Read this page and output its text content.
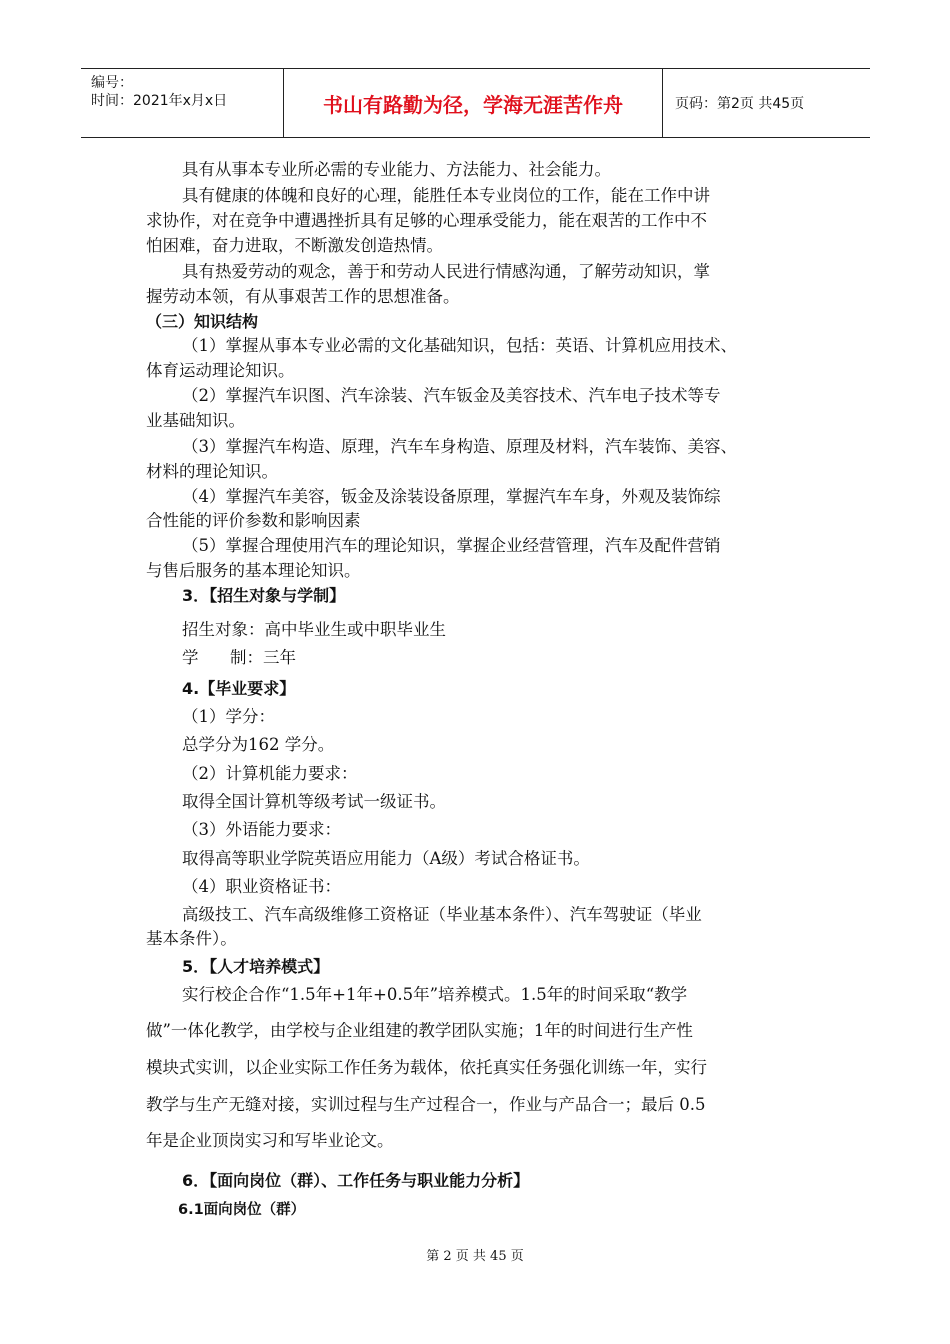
编号：
时间：2021年x月x日	书山有路勤为径，学海无涯苦作舟	页码：第2页 共45页
具有从事本专业所必需的专业能力、方法能力、社会能力。
具有健康的体魄和良好的心理，能胜任本专业岗位的工作，能在工作中讲
求协作，对在竞争中遭遇挫折具有足够的心理承受能力，能在艰苦的工作中不
怕困难，奋力进取，不断激发创造热情。
具有热爱劳动的观念，善于和劳动人民进行情感沟通，了解劳动知识，掌
握劳动本领，有从事艰苦工作的思想准备。
（三）知识结构
（1）掌握从事本专业必需的文化基础知识，包括：英语、计算机应用技术、
体育运动理论知识。
（2）掌握汽车识图、汽车涂装、汽车钣金及美容技术、汽车电子技术等专
业基础知识。
（3）掌握汽车构造、原理，汽车车身构造、原理及材料，汽车装饰、美容、
材料的理论知识。
（4）掌握汽车美容，钣金及涂装设备原理，掌握汽车车身，外观及装饰综
合性能的评价参数和影响因素
（5）掌握合理使用汽车的理论知识，掌握企业经营管理，汽车及配件营销
与售后服务的基本理论知识。
3．【招生对象与学制】
招生对象：高中毕业生或中职毕业生
学      制：三年
4.【毕业要求】
（1）学分：
总学分为162 学分。
（2）计算机能力要求：
取得全国计算机等级考试一级证书。
（3）外语能力要求：
取得高等职业学院英语应用能力（A级）考试合格证书。
（4）职业资格证书：
高级技工、汽车高级维修工资格证（毕业基本条件）、汽车驾驶证（毕业
基本条件）。
5．【人才培养模式】
实行校企合作“1.5年+1年+0.5年”培养模式。1.5年的时间采取“教学
做”一体化教学，由学校与企业组建的教学团队实施；1年的时间进行生产性
模块式实训，以企业实际工作任务为载体，依托真实任务强化训练一年，实行
教学与生产无缝对接，实训过程与生产过程合一，作业与产品合一；最后 0.5
年是企业顶岗实习和写毕业论文。
6．【面向岗位（群）、工作任务与职业能力分析】
6.1面向岗位（群）
第 2 页 共 45 页
